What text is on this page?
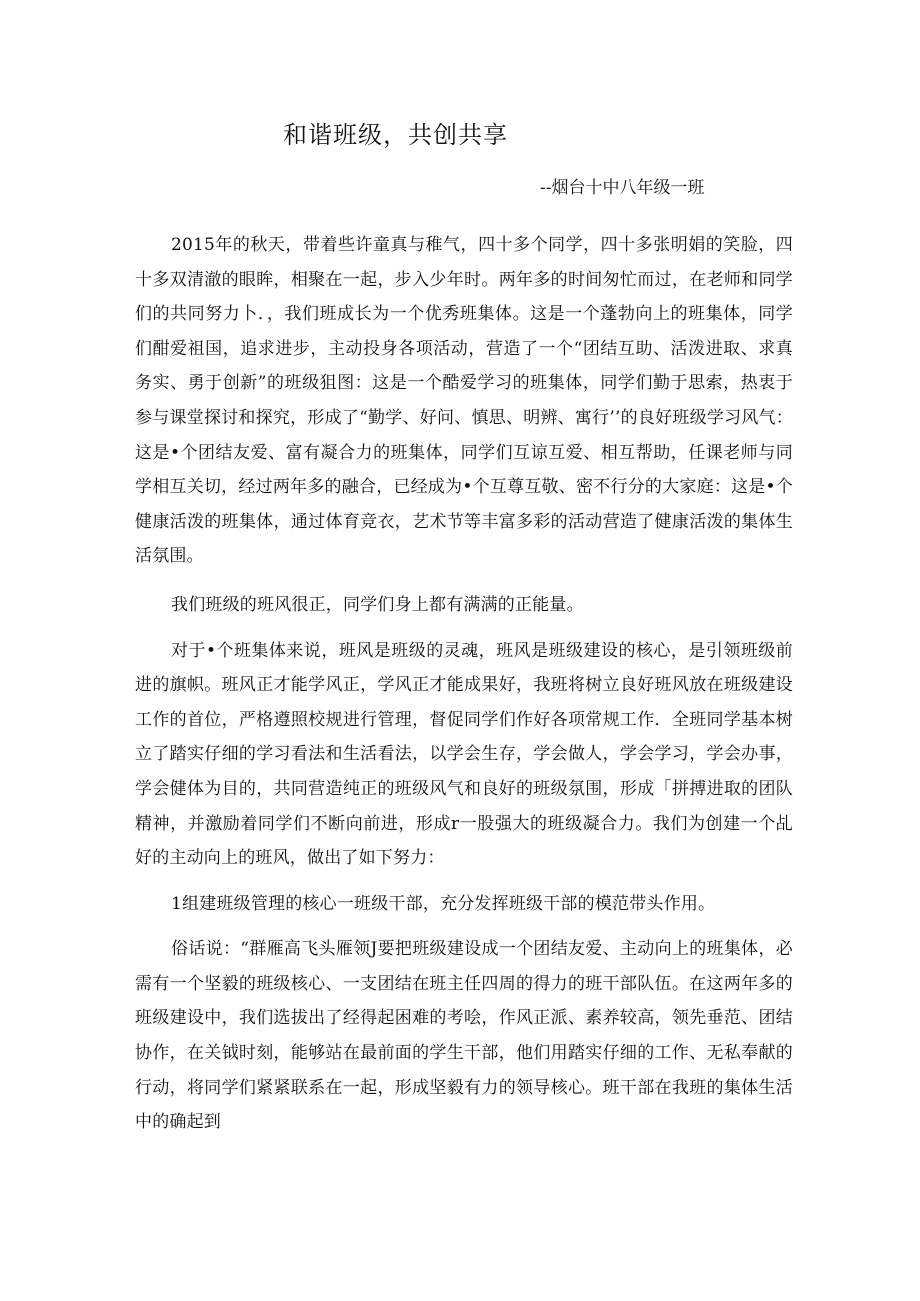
和谐班级，共创共享
--烟台十中八年级一班

2015年的秋天，带着些许童真与稚气，四十多个同学，四十多张明娟的笑脸，四十多双清澈的眼眸，相聚在一起，步入少年时。两年多的时间匆忙而过，在老师和同学们的共同努力卜．，我们班成长为一个优秀班集体。这是一个蓬勃向上的班集体，同学们酣爱祖国，追求进步，主动投身各项活动，营造了一个“团结互助、活泼进取、求真务实、勇于创新”的班级狙图：这是一个酷爱学习的班集体，同学们勤于思索，热衷于参与课堂探讨和探究，形成了“勤学、好问、慎思、明辨、寓行’’的良好班级学习风气：这是•个团结友爱、富有凝合力的班集体，同学们互谅互爱、相互帮助，任课老师与同学相互关切，经过两年多的融合，已经成为•个互尊互敬、密不行分的大家庭：这是•个健康活泼的班集体，通过体育竞衣，艺术节等丰富多彩的活动营造了健康活泼的集体生活氛围。

我们班级的班风很正，同学们身上都有满满的正能量。

对于•个班集体来说，班风是班级的灵魂，班风是班级建设的核心，是引领班级前进的旗帜。班风正才能学风正，学风正才能成果好，我班将树立良好班风放在班级建设工作的首位，严格遵照校规进行管理，督促同学们作好各项常规工作．全班同学基本树立了踏实仔细的学习看法和生活看法，以学会生存，学会做人，学会学习，学会办事，学会健体为目的，共同营造纯正的班级风气和良好的班级氛围，形成「拼搏进取的团队精神，并激励着同学们不断向前进，形成r一股强大的班级凝合力。我们为创建一个乩好的主动向上的班风，做出了如下努力：

1组建班级管理的核心一班级干部，充分发挥班级干部的模范带头作用。

俗话说：“群雁高飞头雁领J要把班级建设成一个团结友爱、主动向上的班集体，必需有一个坚毅的班级核心、一支团结在班主任四周的得力的班干部队伍。在这两年多的班级建设中，我们选拔出了经得起困难的考哙，作风正派、素养较高，领先垂范、团结协作，在关钺时刻，能够站在最前面的学生干部，他们用踏实仔细的工作、无私奉献的行动，将同学们紧紧联系在一起，形成坚毅有力的领导核心。班干部在我班的集体生活中的确起到
